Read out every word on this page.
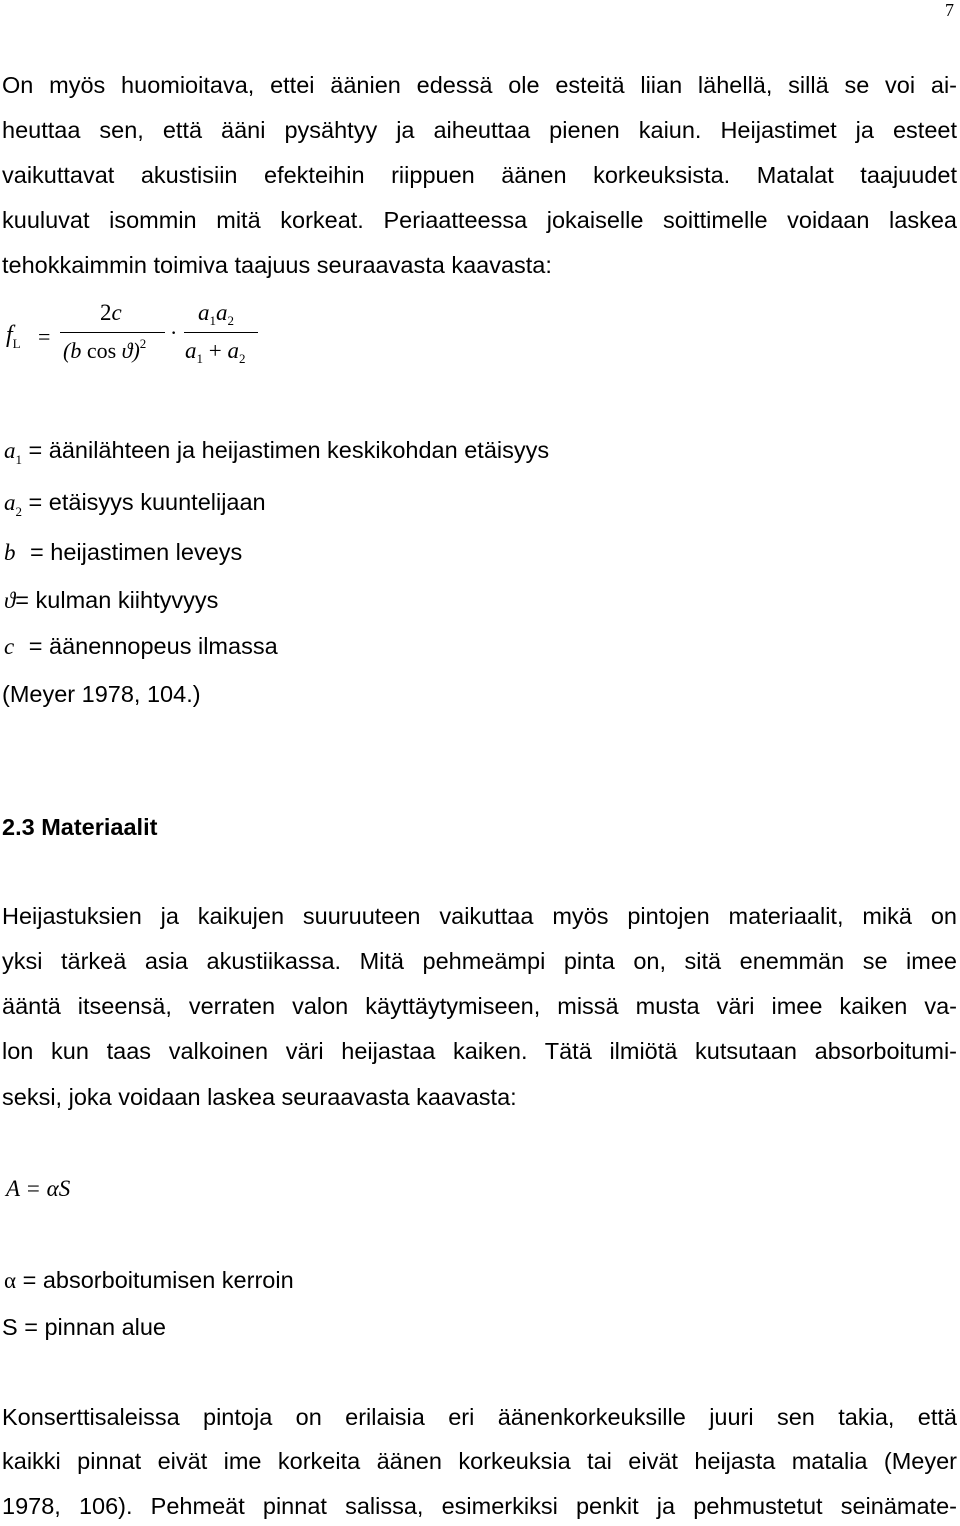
7
On myös huomioitava, ettei äänien edessä ole esteitä liian lähellä, sillä se voi ai-
heuttaa sen, että ääni pysähtyy ja aiheuttaa pienen kaiun. Heijastimet ja esteet
vaikuttavat akustisiin efekteihin riippuen äänen korkeuksista. Matalat taajuudet
kuuluvat isommin mitä korkeat. Periaatteessa jokaiselle soittimelle voidaan laskea
tehokkaimmin toimiva taajuus seuraavasta kaavasta:
$f_L$ =
2c
(b cos ϑ)$^2$ ·
$a_1a_2$
$a_1 + a_2$
$a_1$ = äänilähteen ja heijastimen keskikohdan etäisyys
$a_2$ = etäisyys kuuntelijaan
b = heijastimen leveys
ϑ= kulman kiihtyvyys
c = äänennopeus ilmassa
(Meyer 1978, 104.)
2.3 Materiaalit
Heijastuksien ja kaikujen suuruuteen vaikuttaa myös pintojen materiaalit, mikä on
yksi tärkeä asia akustiikassa. Mitä pehmeämpi pinta on, sitä enemmän se imee
ääntä itseensä, verraten valon käyttäytymiseen, missä musta väri imee kaiken va-
lon kun taas valkoinen väri heijastaa kaiken. Tätä ilmiötä kutsutaan absorboitumi-
seksi, joka voidaan laskea seuraavasta kaavasta:
A = αS
α = absorboitumisen kerroin
S = pinnan alue
Konserttisaleissa pintoja on erilaisia eri äänenkorkeuksille juuri sen takia, että
kaikki pinnat eivät ime korkeita äänen korkeuksia tai eivät heijasta matalia (Meyer
1978, 106). Pehmeät pinnat salissa, esimerkiksi penkit ja pehmustetut seinämate-
